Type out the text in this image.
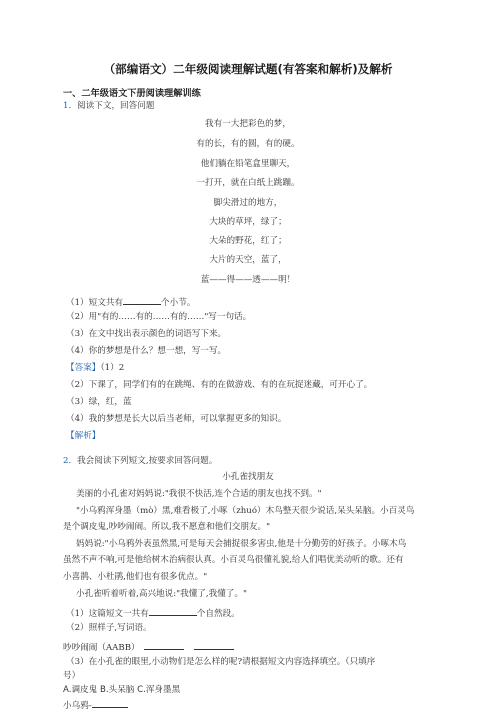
（部编语文）二年级阅读理解试题(有答案和解析)及解析
一、二年级语文下册阅读理解训练
1．阅读下文，回答问题
我有一大把彩色的梦，
有的长，有的圆，有的硬。
他们躺在铅笔盒里聊天，
一打开，就在白纸上跳蹦。
脚尖滑过的地方，
大块的草坪，绿了；
大朵的野花，红了；
大片的天空，蓝了，
蓝——得——透——明！
（1）短文共有	个小节。
（2）用"有的……有的……有的……"写一句话。
（3）在文中找出表示颜色的词语写下来。
（4）你的梦想是什么？想一想，写一写。
【答案】（1）2
（2）下课了，同学们有的在跳绳、有的在做游戏、有的在玩捉迷藏，可开心了。
（3）绿，红，蓝
（4）我的梦想是长大以后当老师，可以掌握更多的知识。
【解析】
2．我会阅读下列短文,按要求回答问题。
小孔雀找朋友
美丽的小孔雀对妈妈说:"我很不快活,连个合适的朋友也找不到。"
"小乌鸦浑身墨（mò）黑,难看极了,小啄（zhuó）木鸟整天很少说话,呆头呆脑。小百灵鸟
是个调皮鬼,吵吵闹闹。所以,我不愿意和他们交朋友。"
妈妈说:"小乌鸦外表虽然黑,可是每天会捕捉很多害虫,他是十分勤劳的好孩子。小啄木鸟
虽然不声不响,可是他给树木治病很认真。小百灵鸟很懂礼貌,给人们唱优美动听的歌。还有
小喜鹊、小杜鹃,他们也有很多优点。"
小孔雀听着听着,高兴地说:"我懂了,我懂了。"
（1）这篇短文一共有	个自然段。
（2）照样子,写词语。
吵吵闹闹（AABB）
（3）在小孔雀的眼里,小动物们是怎么样的呢?请根据短文内容选择填空。（只填序
号）
A.调皮鬼 B.头呆脑 C.浑身墨黑
小乌鸦-
